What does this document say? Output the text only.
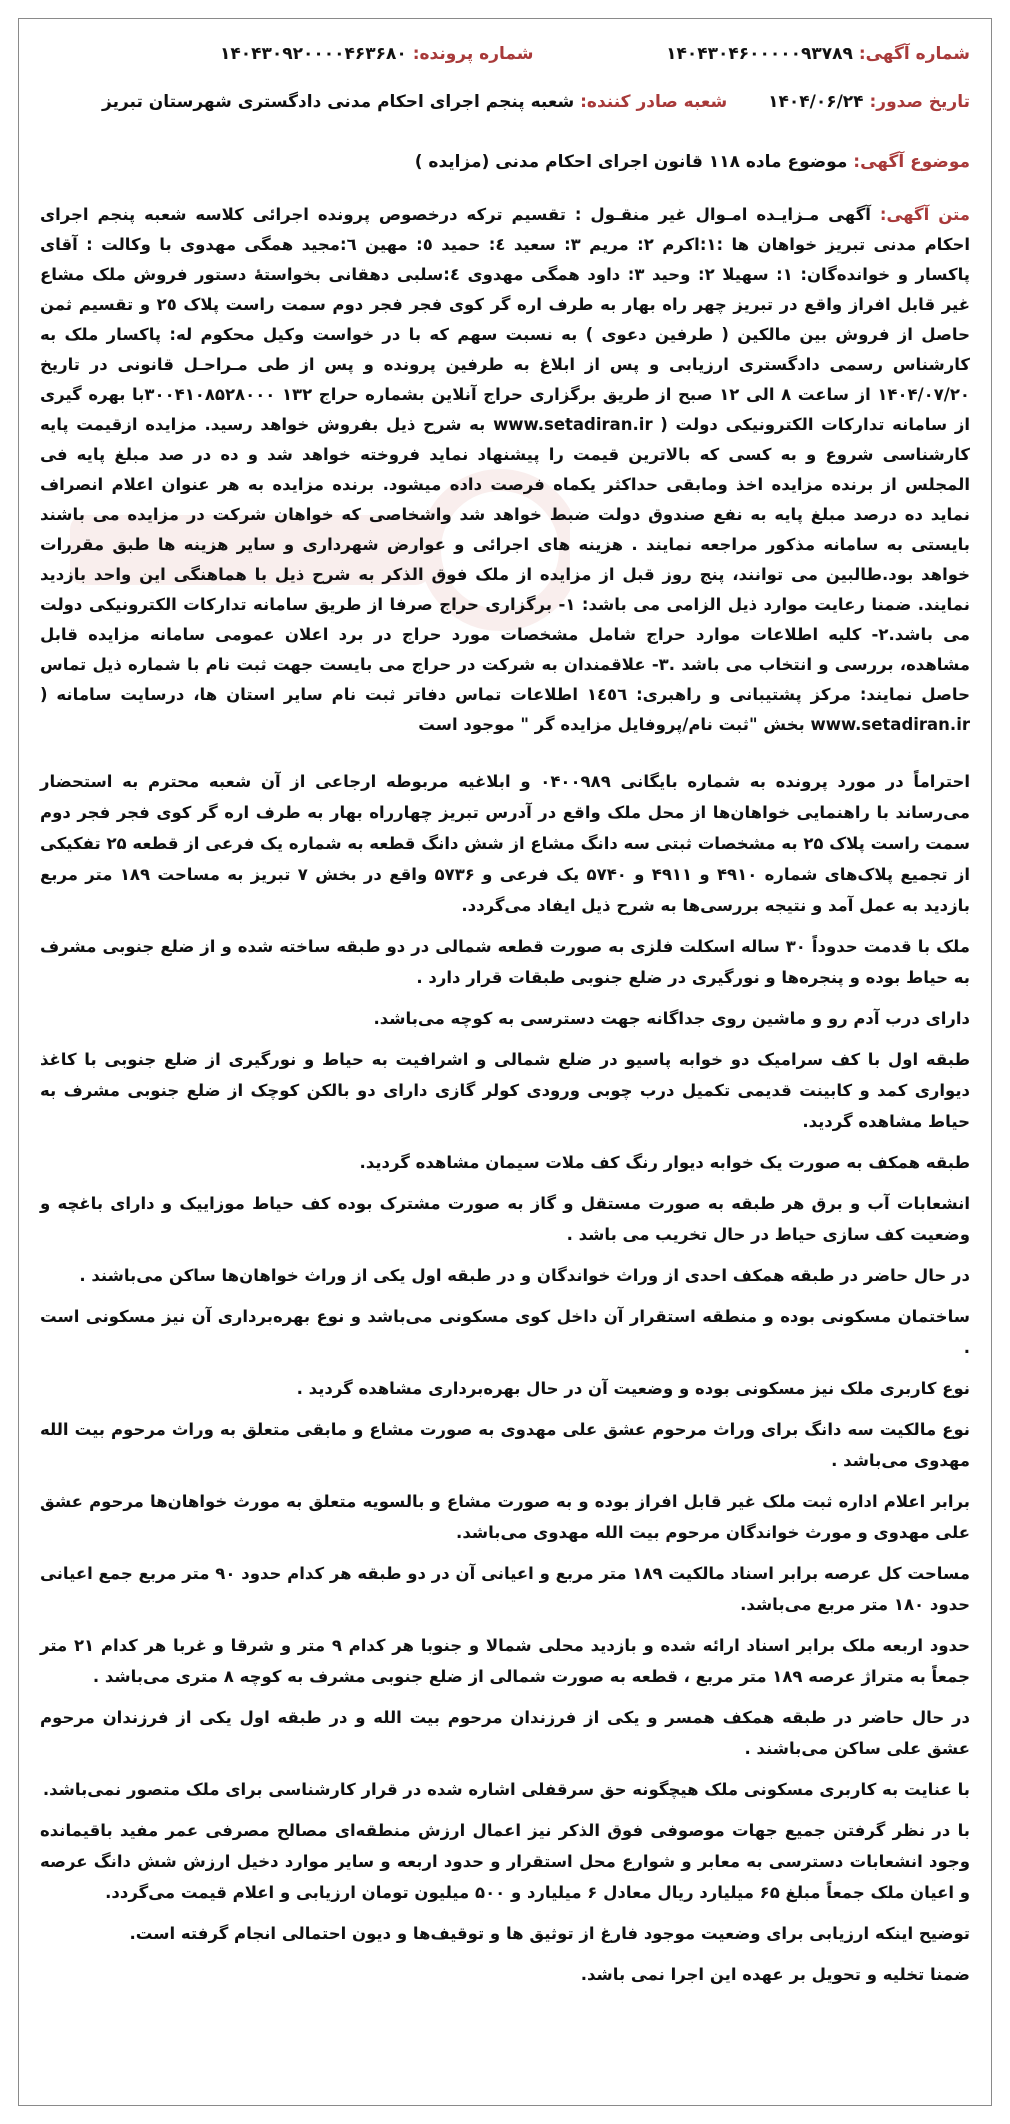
شماره آگهی: ۱۴۰۴۳۰۴۶۰۰۰۰۰۹۳۷۸۹
شماره پرونده: ۱۴۰۴۳۰۹۲۰۰۰۰۴۶۳۶۸۰
تاریخ صدور: ۱۴۰۴/۰۶/۲۴
شعبه صادر کننده: شعبه پنجم اجرای احکام مدنی دادگستری شهرستان تبریز
موضوع آگهی: موضوع ماده ۱۱۸ قانون اجرای احکام مدنی (مزایده )
متن آگهی: آگهی مـزایـده امـوال غیر منقـول : تقسیم ترکه درخصوص پرونده اجرائی کلاسه شعبه پنجم اجرای احکام مدنی تبریز خواهان ها :۱:اکرم ۲: مریم ۳: سعید ٤: حمید ٥: مهین ٦:مجید همگی مهدوی با وکالت : آقای پاکسار و خوانده‌گان: ۱: سهیلا ۲: وحید ۳: داود همگی مهدوی ٤:سلبی دهقانی بخواستهٔ دستور فروش ملک مشاع غیر قابل افراز واقع در تبریز چهر راه بهار به طرف اره گر کوی فجر فجر دوم سمت راست پلاک ۲٥ و تقسیم ثمن حاصل از فروش بین مالکین ( طرفین دعوی ) به نسبت سهم که با در خواست وکیل محکوم له: پاکسار ملک به کارشناس رسمی دادگستری ارزیابی و پس از ابلاغ به طرفین پرونده و پس از طی مـراحـل قانونی در تاریخ ۱۴۰۴/۰۷/۲۰ از ساعت ۸ الی ۱۲ صبح از طریق برگزاری حراج آنلاین بشماره حراج ۱۳۲ ۳۰۰۴۱۰۸۵۲۸۰۰۰با بهره گیری از سامانه تدارکات الکترونیکی دولت ( www.setadiran.ir به شرح ذیل بفروش خواهد رسید. مزایده ازقیمت پایه کارشناسی شروع و به کسی که بالاترین قیمت را پیشنهاد نماید فروخته خواهد شد و ده در صد مبلغ پایه فی المجلس از برنده مزایده اخذ ومابقی حداکثر یکماه فرصت داده میشود. برنده مزایده به هر عنوان اعلام انصراف نماید ده درصد مبلغ پایه به نفع صندوق دولت ضبط خواهد شد واشخاصی که خواهان شرکت در مزایده می باشند بایستی به سامانه مذکور مراجعه نمایند . هزینه های اجرائی و عوارض شهرداری و سایر هزینه ها طبق مقررات خواهد بود.طالبین می توانند، پنج روز قبل از مزایده از ملک فوق الذکر به شرح ذیل با هماهنگی این واحد بازدید نمایند. ضمنا رعایت موارد ذیل الزامی می باشد: ۱- برگزاری حراج صرفا از طریق سامانه تدارکات الکترونیکی دولت می باشد.۲- کلیه اطلاعات موارد حراج شامل مشخصات مورد حراج در برد اعلان عمومی سامانه مزایده قابل مشاهده، بررسی و انتخاب می باشد .۳- علاقمندان به شرکت در حراج می بایست جهت ثبت نام با شماره ذیل تماس حاصل نمایند: مرکز پشتیبانی و راهبری: ۱٤٥٦ اطلاعات تماس دفاتر ثبت نام سایر استان ها، درسایت سامانه ( www.setadiran.ir بخش "ثبت نام/پروفایل مزایده گر " موجود است

احتراماً در مورد پرونده به شماره بایگانی ۰۴۰۰۹۸۹ و ابلاغیه مربوطه ارجاعی از آن شعبه محترم به استحضار می‌رساند با راهنمایی خواهان‌ها از محل ملک واقع در آدرس تبریز چهارراه بهار به طرف اره گر کوی فجر فجر دوم سمت راست پلاک ۲۵ به مشخصات ثبتی سه دانگ مشاع از شش دانگ قطعه به شماره یک فرعی از قطعه ۲۵ تفکیکی از تجمیع پلاک‌های شماره ۴۹۱۰ و ۴۹۱۱ و ۵۷۴۰ یک فرعی و ۵۷۳۶ واقع در بخش ۷ تبریز به مساحت ۱۸۹ متر مربع بازدید به عمل آمد و نتیجه بررسی‌ها به شرح ذیل ایفاد می‌گردد.

ملک با قدمت حدوداً ۳۰ ساله اسکلت فلزی به صورت قطعه شمالی در دو طبقه ساخته شده و از ضلع جنوبی مشرف به حیاط بوده و پنجره‌ها و نورگیری در ضلع جنوبی طبقات قرار دارد .

دارای درب آدم رو و ماشین روی جداگانه جهت دسترسی به کوچه می‌باشد.

طبقه اول با کف سرامیک دو خوابه پاسیو در ضلع شمالی و اشرافیت به حیاط و نورگیری از ضلع جنوبی با کاغذ دیواری کمد و کابینت قدیمی تکمیل درب چوبی ورودی کولر گازی دارای دو بالکن کوچک از ضلع جنوبی مشرف به حیاط مشاهده گردید.

طبقه همکف به صورت یک خوابه دیوار رنگ کف ملات سیمان مشاهده گردید.

انشعابات آب و برق هر طبقه به صورت مستقل و گاز به صورت مشترک بوده کف حیاط موزاییک و دارای باغچه و وضعیت کف سازی حیاط در حال تخریب می باشد .

در حال حاضر در طبقه همکف احدی از وراث خواندگان و در طبقه اول یکی از وراث خواهان‌ها ساکن می‌باشند .

ساختمان مسکونی بوده و منطقه استقرار آن داخل کوی مسکونی می‌باشد و نوع بهره‌برداری آن نیز مسکونی است .

نوع کاربری ملک نیز مسکونی بوده و وضعیت آن در حال بهره‌برداری مشاهده گردید .

نوع مالکیت سه دانگ برای وراث مرحوم عشق علی مهدوی به صورت مشاع و مابقی متعلق به وراث مرحوم بیت الله مهدوی می‌باشد .

برابر اعلام اداره ثبت ملک غیر قابل افراز بوده و به صورت مشاع و بالسویه متعلق به مورث خواهان‌ها مرحوم عشق علی مهدوی و مورث خواندگان مرحوم بیت الله مهدوی می‌باشد.

مساحت کل عرصه برابر اسناد مالکیت ۱۸۹ متر مربع و اعیانی آن در دو طبقه هر کدام حدود ۹۰ متر مربع جمع اعیانی حدود ۱۸۰ متر مربع می‌باشد.

حدود اربعه ملک برابر اسناد ارائه شده و بازدید محلی شمالا و جنوبا هر کدام ۹ متر و شرقا و غربا هر کدام ۲۱ متر جمعاً به متراژ عرصه ۱۸۹ متر مربع ، قطعه به صورت شمالی از ضلع جنوبی مشرف به کوچه ۸ متری می‌باشد .

در حال حاضر در طبقه همکف همسر و یکی از فرزندان مرحوم بیت الله و در طبقه اول یکی از فرزندان مرحوم عشق علی ساکن می‌باشند .

با عنایت به کاربری مسکونی ملک هیچگونه حق سرقفلی اشاره شده در قرار کارشناسی برای ملک متصور نمی‌باشد.

با در نظر گرفتن جمیع جهات موصوفی فوق الذکر نیز اعمال ارزش منطقه‌ای مصالح مصرفی عمر مفید باقیمانده وجود انشعابات دسترسی به معابر و شوارع محل استقرار و حدود اربعه و سایر موارد دخیل ارزش شش دانگ عرصه و اعیان ملک جمعاً مبلغ ۶۵ میلیارد ریال معادل ۶ میلیارد و ۵۰۰ میلیون تومان ارزیابی و اعلام قیمت می‌گردد.

توضیح اینکه ارزیابی برای وضعیت موجود فارغ از توثیق ها و توقیف‌ها و دیون احتمالی انجام گرفته است.

ضمنا تخلیه و تحویل بر عهده این اجرا نمی باشد.
